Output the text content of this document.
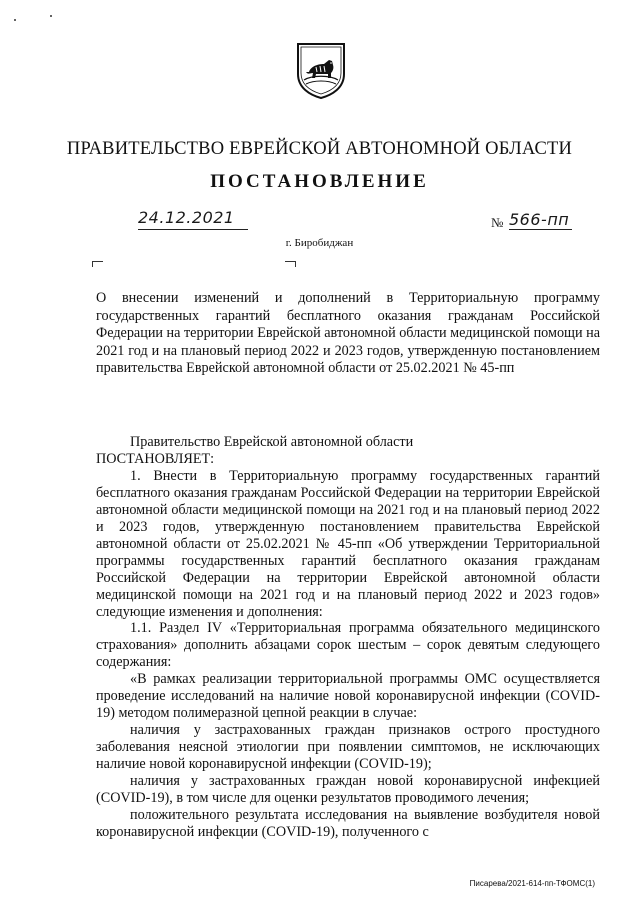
ПРАВИТЕЛЬСТВО ЕВРЕЙСКОЙ АВТОНОМНОЙ ОБЛАСТИ
ПОСТАНОВЛЕНИЕ
24.12.2021	№ 566-пп
г. Биробиджан
О внесении изменений и дополнений в Территориальную программу государственных гарантий бесплатного оказания гражданам Российской Федерации на территории Еврейской автономной области медицинской помощи на 2021 год и на плановый период 2022 и 2023 годов, утвержденную постановлением правительства Еврейской автономной области от 25.02.2021 № 45-пп

Правительство Еврейской автономной области

ПОСТАНОВЛЯЕТ:

1. Внести в Территориальную программу государственных гарантий бесплатного оказания гражданам Российской Федерации на территории Еврейской автономной области медицинской помощи на 2021 год и на плановый период 2022 и 2023 годов, утвержденную постановлением правительства Еврейской автономной области от 25.02.2021 № 45-пп «Об утверждении Территориальной программы государственных гарантий бесплатного оказания гражданам Российской Федерации на территории Еврейской автономной области медицинской помощи на 2021 год и на плановый период 2022 и 2023 годов» следующие изменения и дополнения:

1.1. Раздел IV «Территориальная программа обязательного медицинского страхования» дополнить абзацами сорок шестым – сорок девятым следующего содержания:

«В рамках реализации территориальной программы ОМС осуществляется проведение исследований на наличие новой коронавирусной инфекции (COVID-19) методом полимеразной цепной реакции в случае:

наличия у застрахованных граждан признаков острого простудного заболевания неясной этиологии при появлении симптомов, не исключающих наличие новой коронавирусной инфекции (COVID-19);

наличия у застрахованных граждан новой коронавирусной инфекцией (COVID-19), в том числе для оценки результатов проводимого лечения;

положительного результата исследования на выявление возбудителя новой коронавирусной инфекции (COVID-19), полученного с

Писарева/2021-614-пп-ТФОМС(1)
